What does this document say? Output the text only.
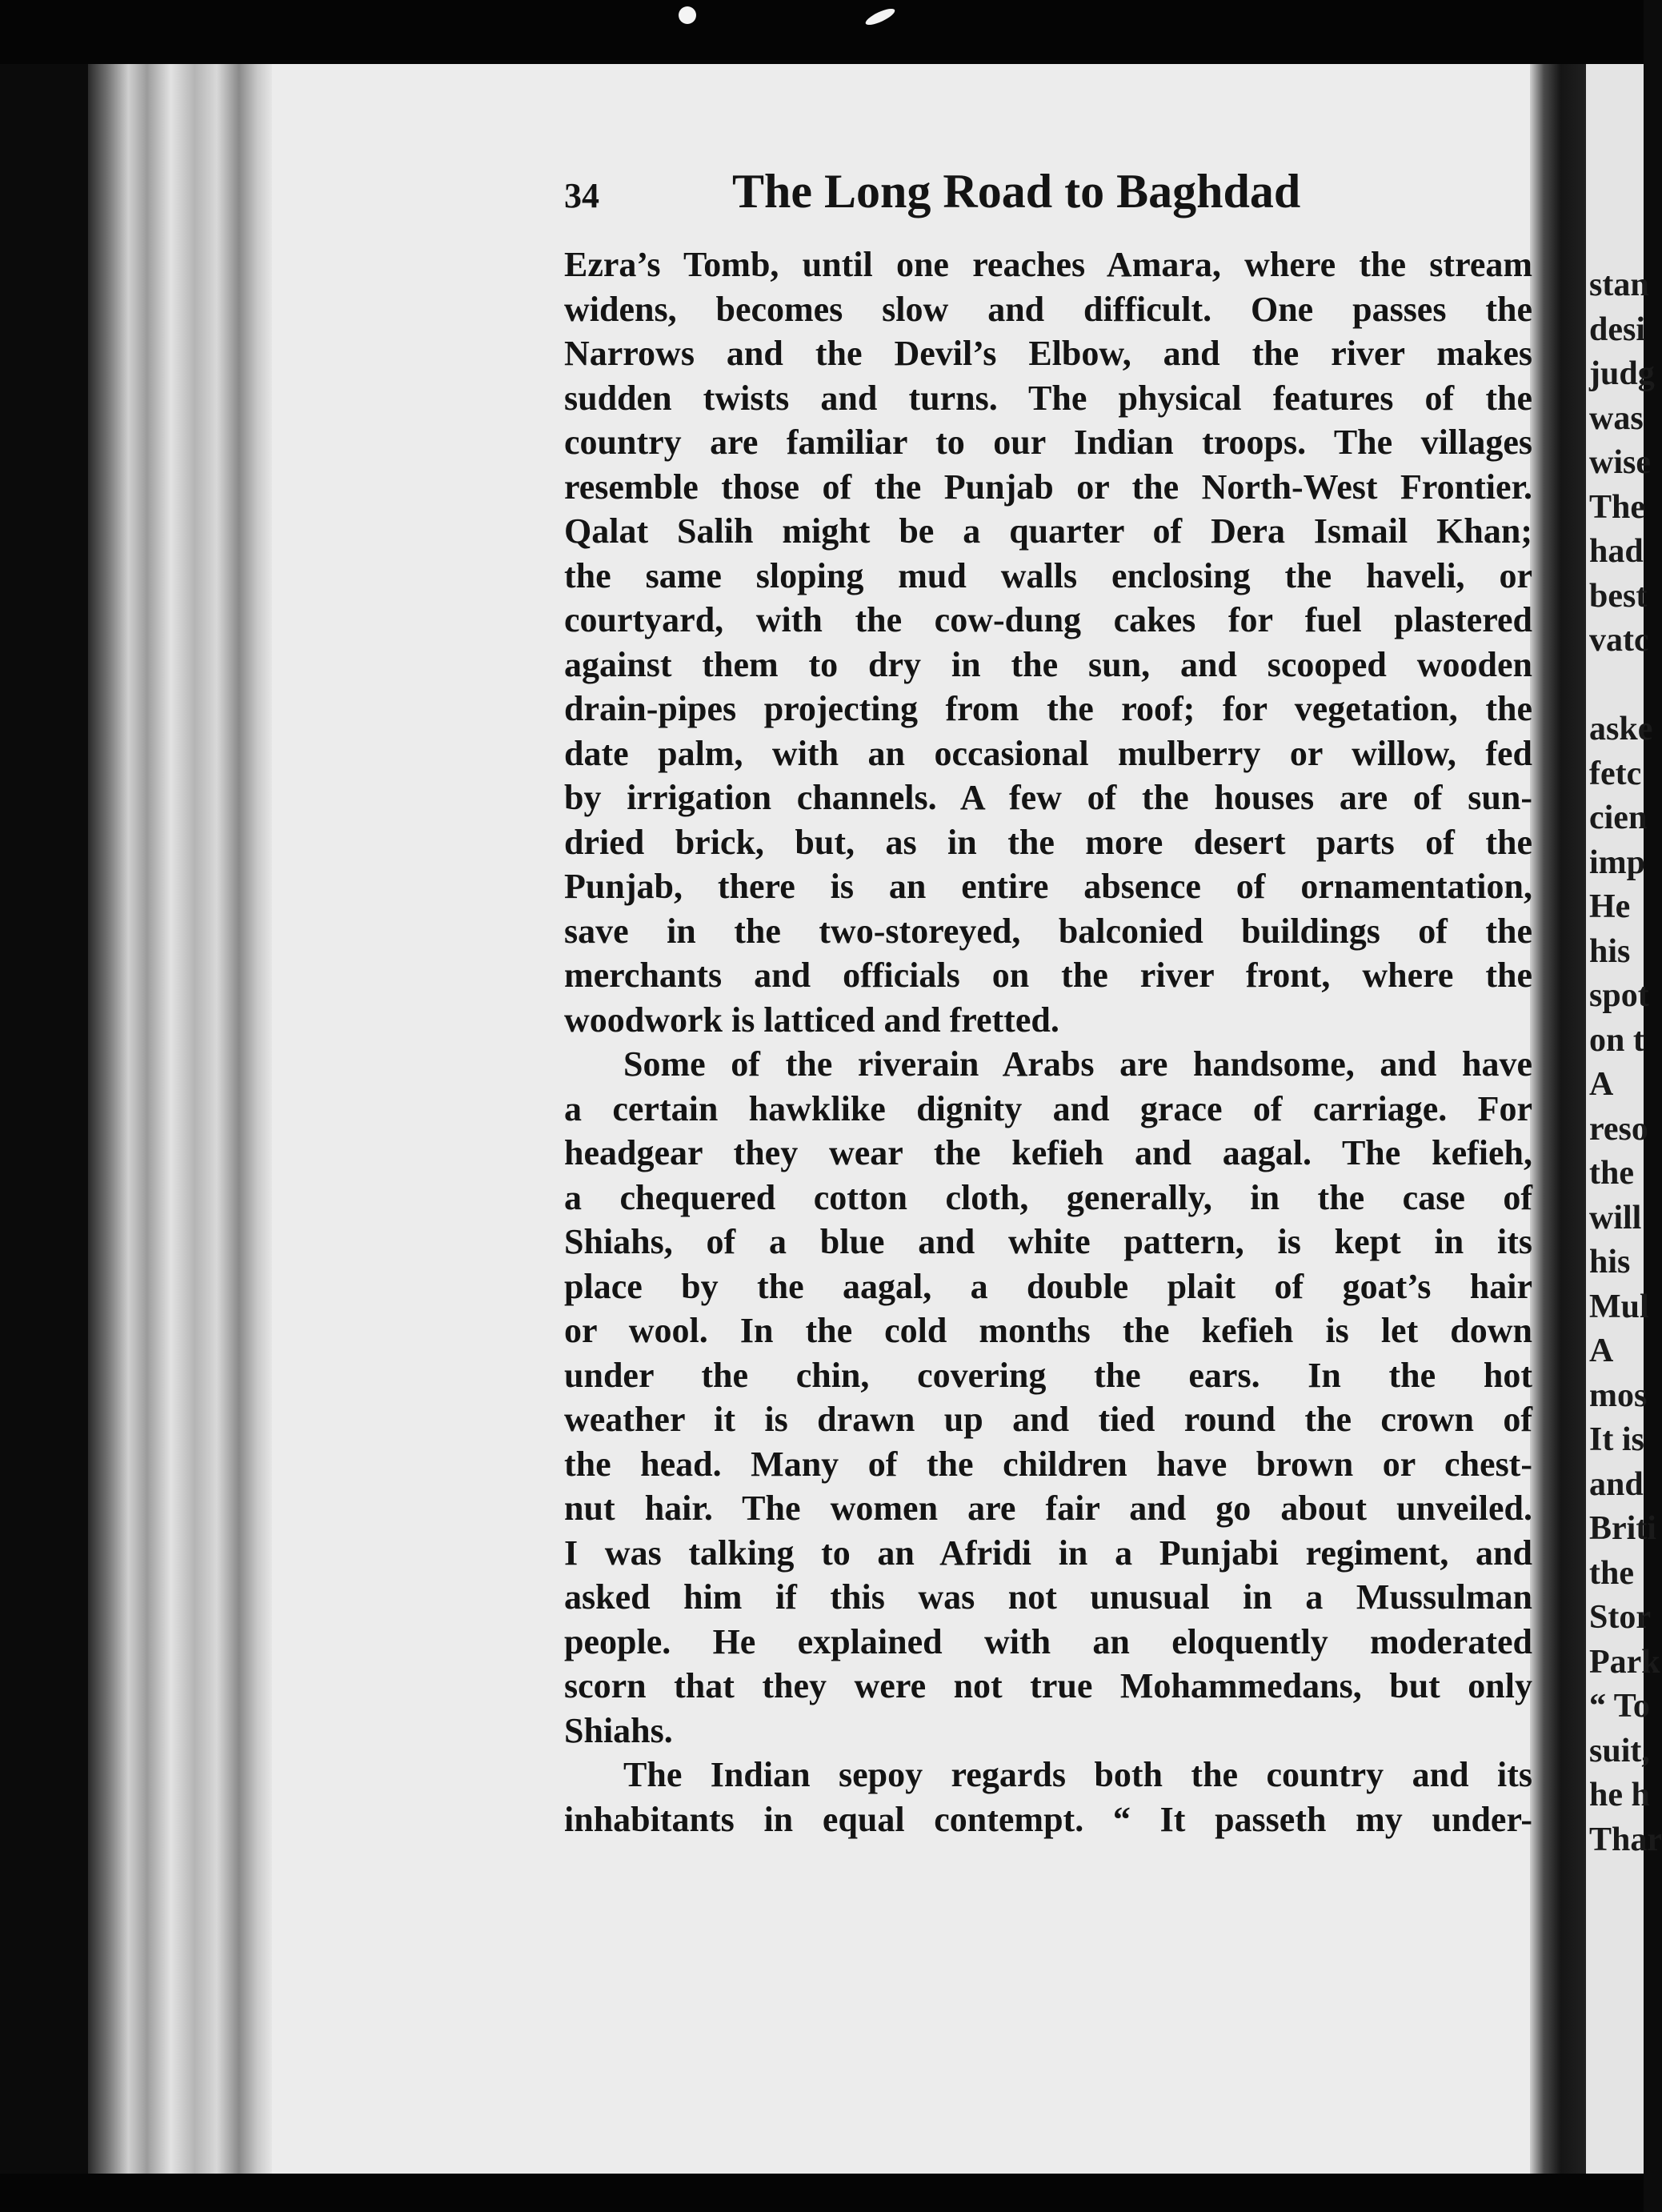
stan
desi
judg
was
wise
The
had
best
vatc
aske
fetc
cien
imp
He
his
spot
on t
A
reso
the
will
his
Mul
A
mos
It is
and
Briti
the
Stor
Park
“ To
suit,
he h
Thar
34	The Long Road to Baghdad
Ezra’s Tomb, until one reaches Amara, where the stream
widens, becomes slow and difficult. One passes the
Narrows and the Devil’s Elbow, and the river makes
sudden twists and turns. The physical features of the
country are familiar to our Indian troops. The villages
resemble those of the Punjab or the North-West Frontier.
Qalat Salih might be a quarter of Dera Ismail Khan;
the same sloping mud walls enclosing the haveli, or
courtyard, with the cow-dung cakes for fuel plastered
against them to dry in the sun, and scooped wooden
drain-pipes projecting from the roof; for vegetation, the
date palm, with an occasional mulberry or willow, fed
by irrigation channels. A few of the houses are of sun-
dried brick, but, as in the more desert parts of the
Punjab, there is an entire absence of ornamentation,
save in the two-storeyed, balconied buildings of the
merchants and officials on the river front, where the
woodwork is latticed and fretted.
Some of the riverain Arabs are handsome, and have
a certain hawklike dignity and grace of carriage. For
headgear they wear the kefieh and aagal. The kefieh,
a chequered cotton cloth, generally, in the case of
Shiahs, of a blue and white pattern, is kept in its
place by the aagal, a double plait of goat’s hair
or wool. In the cold months the kefieh is let down
under the chin, covering the ears. In the hot
weather it is drawn up and tied round the crown of
the head. Many of the children have brown or chest-
nut hair. The women are fair and go about unveiled.
I was talking to an Afridi in a Punjabi regiment, and
asked him if this was not unusual in a Mussulman
people. He explained with an eloquently moderated
scorn that they were not true Mohammedans, but only
Shiahs.
The Indian sepoy regards both the country and its
inhabitants in equal contempt. “ It passeth my under-
